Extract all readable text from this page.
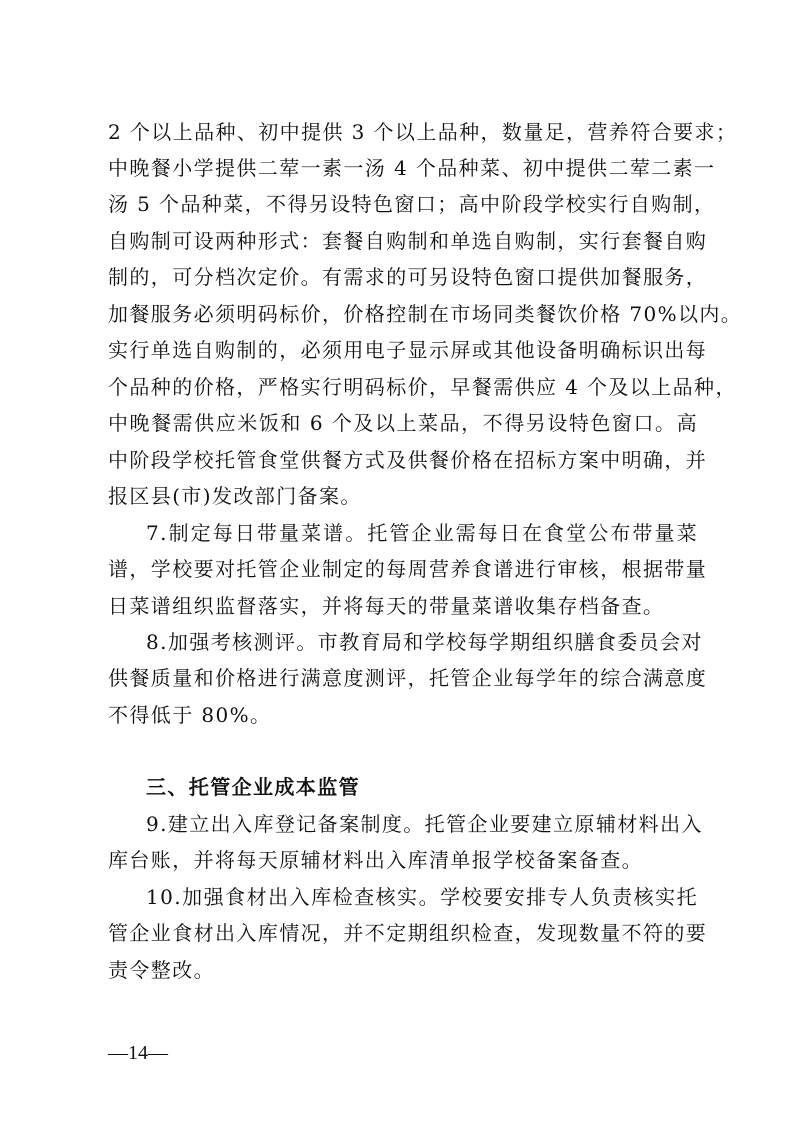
2 个以上品种、初中提供 3 个以上品种，数量足，营养符合要求；
中晚餐小学提供二荤一素一汤 4 个品种菜、初中提供二荤二素一
汤 5 个品种菜，不得另设特色窗口；高中阶段学校实行自购制，
自购制可设两种形式：套餐自购制和单选自购制，实行套餐自购
制的，可分档次定价。有需求的可另设特色窗口提供加餐服务，
加餐服务必须明码标价，价格控制在市场同类餐饮价格 70%以内。
实行单选自购制的，必须用电子显示屏或其他设备明确标识出每
个品种的价格，严格实行明码标价，早餐需供应 4 个及以上品种，
中晚餐需供应米饭和 6 个及以上菜品，不得另设特色窗口。高
中阶段学校托管食堂供餐方式及供餐价格在招标方案中明确，并
报区县(市)发改部门备案。
7.制定每日带量菜谱。托管企业需每日在食堂公布带量菜
谱，学校要对托管企业制定的每周营养食谱进行审核，根据带量
日菜谱组织监督落实，并将每天的带量菜谱收集存档备查。
8.加强考核测评。市教育局和学校每学期组织膳食委员会对
供餐质量和价格进行满意度测评，托管企业每学年的综合满意度
不得低于 80%。
三、托管企业成本监管
9.建立出入库登记备案制度。托管企业要建立原辅材料出入
库台账，并将每天原辅材料出入库清单报学校备案备查。
10.加强食材出入库检查核实。学校要安排专人负责核实托
管企业食材出入库情况，并不定期组织检查，发现数量不符的要
责令整改。
—14—
